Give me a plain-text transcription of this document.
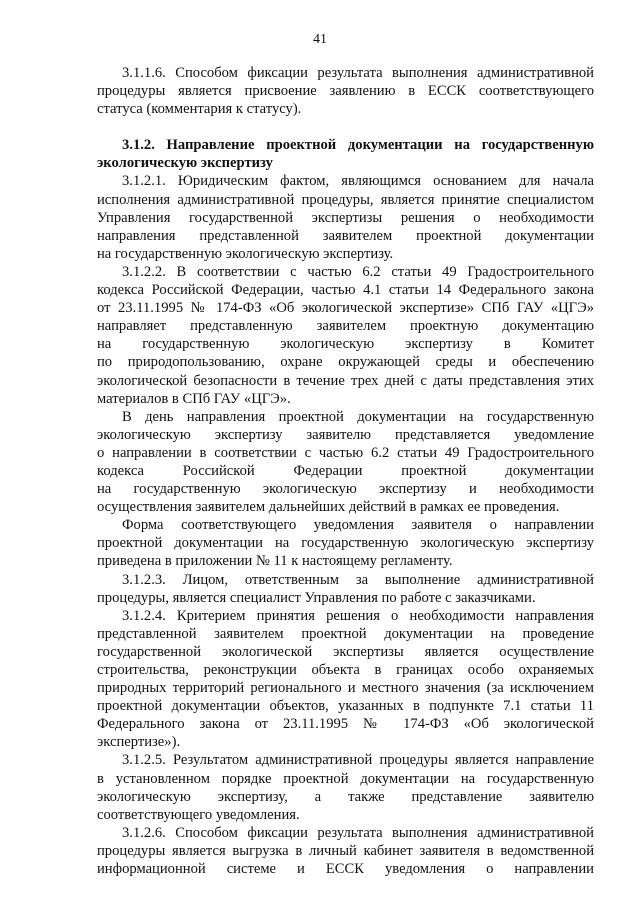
41
3.1.1.6. Способом фиксации результата выполнения административной
процедуры является присвоение заявлению в ЕССК соответствующего
статуса (комментария к статусу).
3.1.2. Направление проектной документации на государственную
экологическую экспертизу
3.1.2.1. Юридическим фактом, являющимся основанием для начала
исполнения административной процедуры, является принятие специалистом
Управления государственной экспертизы решения о необходимости
направления представленной заявителем проектной документации
на государственную экологическую экспертизу.
3.1.2.2. В соответствии с частью 6.2 статьи 49 Градостроительного
кодекса Российской Федерации, частью 4.1 статьи 14 Федерального закона
от 23.11.1995 № 174-ФЗ «Об экологической экспертизе» СПб ГАУ «ЦГЭ»
направляет представленную заявителем проектную документацию
на государственную экологическую экспертизу в Комитет
по природопользованию, охране окружающей среды и обеспечению
экологической безопасности в течение трех дней с даты представления этих
материалов в СПб ГАУ «ЦГЭ».
В день направления проектной документации на государственную
экологическую экспертизу заявителю представляется уведомление
о направлении в соответствии с частью 6.2 статьи 49 Градостроительного
кодекса Российской Федерации проектной документации
на государственную экологическую экспертизу и необходимости
осуществления заявителем дальнейших действий в рамках ее проведения.
Форма соответствующего уведомления заявителя о направлении
проектной документации на государственную экологическую экспертизу
приведена в приложении № 11 к настоящему регламенту.
3.1.2.3. Лицом, ответственным за выполнение административной
процедуры, является специалист Управления по работе с заказчиками.
3.1.2.4. Критерием принятия решения о необходимости направления
представленной заявителем проектной документации на проведение
государственной экологической экспертизы является осуществление
строительства, реконструкции объекта в границах особо охраняемых
природных территорий регионального и местного значения (за исключением
проектной документации объектов, указанных в подпункте 7.1 статьи 11
Федерального закона от 23.11.1995 № 174-ФЗ «Об экологической
экспертизе»).
3.1.2.5. Результатом административной процедуры является направление
в установленном порядке проектной документации на государственную
экологическую экспертизу, а также представление заявителю
соответствующего уведомления.
3.1.2.6. Способом фиксации результата выполнения административной
процедуры является выгрузка в личный кабинет заявителя в ведомственной
информационной системе и ЕССК уведомления о направлении
